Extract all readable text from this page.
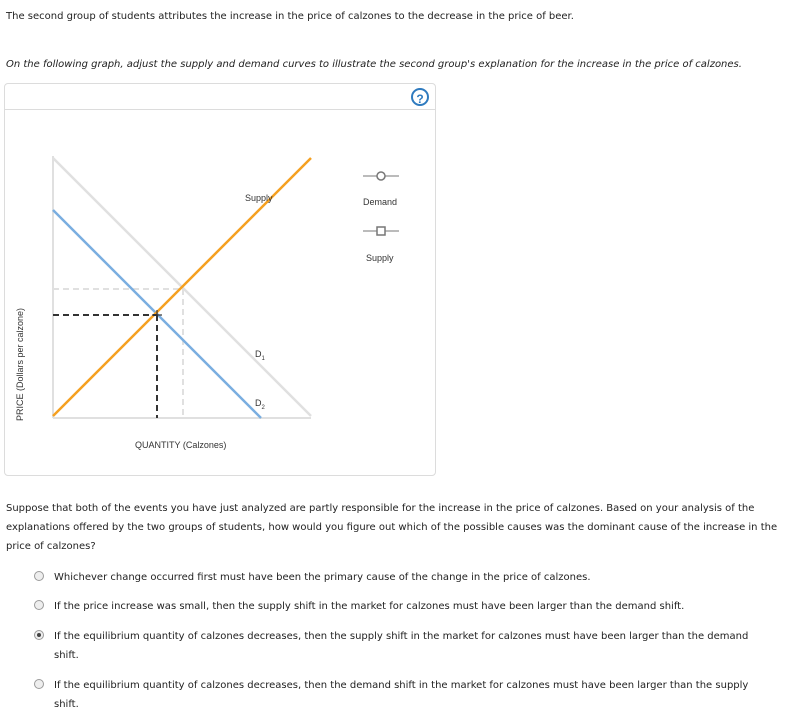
The second group of students attributes the increase in the price of calzones to the decrease in the price of beer.
On the following graph, adjust the supply and demand curves to illustrate the second group's explanation for the increase in the price of calzones.
?
PRICE (Dollars per calzone)
Supply
$D_1$
$D_2$
QUANTITY (Calzones)
Demand
Supply
Suppose that both of the events you have just analyzed are partly responsible for the increase in the price of calzones. Based on your analysis of the explanations offered by the two groups of students, how would you figure out which of the possible causes was the dominant cause of the increase in the price of calzones?
Whichever change occurred first must have been the primary cause of the change in the price of calzones.
If the price increase was small, then the supply shift in the market for calzones must have been larger than the demand shift.
If the equilibrium quantity of calzones decreases, then the supply shift in the market for calzones must have been larger than the demand shift.
If the equilibrium quantity of calzones decreases, then the demand shift in the market for calzones must have been larger than the supply shift.
